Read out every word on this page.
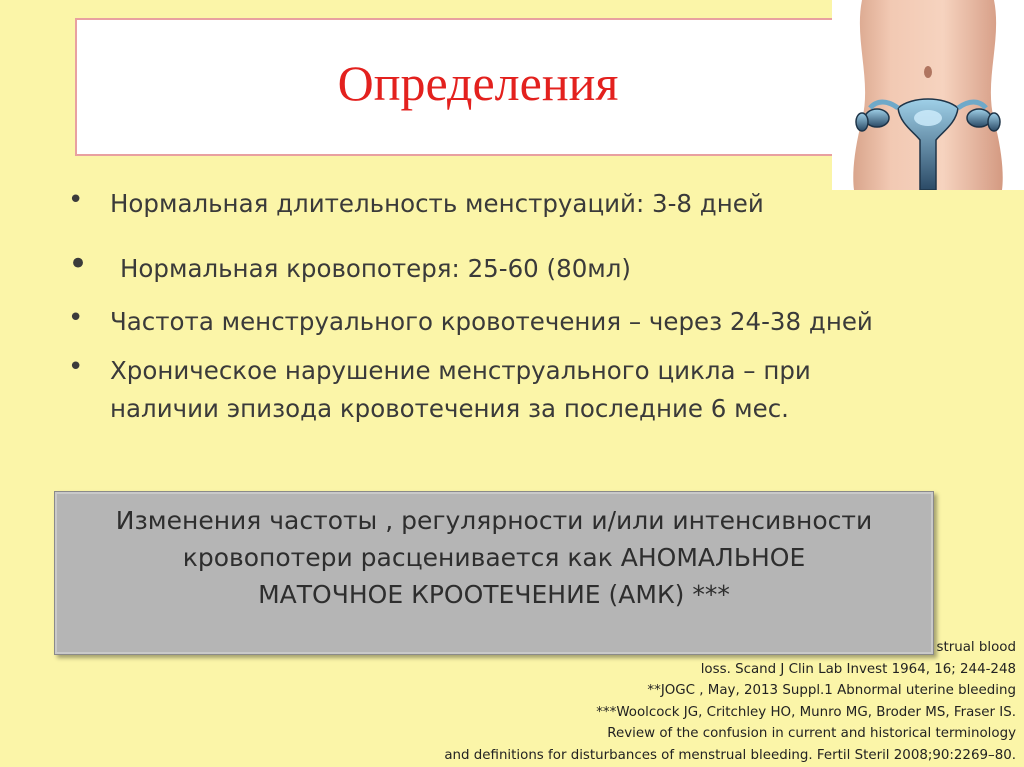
Определения
• Нормальная длительность менструаций: 3-8 дней
• Нормальная кровопотеря: 25-60 (80мл)
• Частота менструального кровотечения – через 24-38 дней
• Хроническое нарушение менструального цикла – при наличии эпизода кровотечения за последние 6 мес.
Изменения частоты , регулярности и/или интенсивности
кровопотери расценивается как АНОМАЛЬНОЕ
МАТОЧНОЕ КРООТЕЧЕНИЕ (АМК) ***
strual blood
loss. Scand J Clin Lab Invest 1964, 16; 244-248
**JOGC , May, 2013 Suppl.1 Abnormal uterine bleeding
***Woolcock JG, Critchley HO, Munro MG, Broder MS, Fraser IS.
Review of the confusion in current and historical terminology
and definitions for disturbances of menstrual bleeding. Fertil Steril 2008;90:2269–80.
